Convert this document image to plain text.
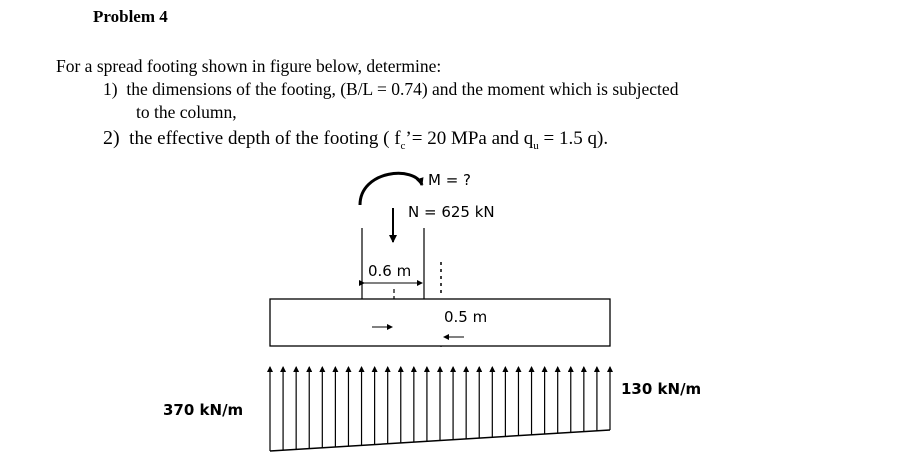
Problem 4
For a spread footing shown in figure below, determine:
1) the dimensions of the footing, (B/L = 0.74) and the moment which is subjected
to the column,
2) the effective depth of the footing ( $f_c’= 20$ MPa and $q_u = 1.5$ q).
M = ?
N = 625 kN
0.6 m
0.5 m
370 kN/m
130 kN/m
